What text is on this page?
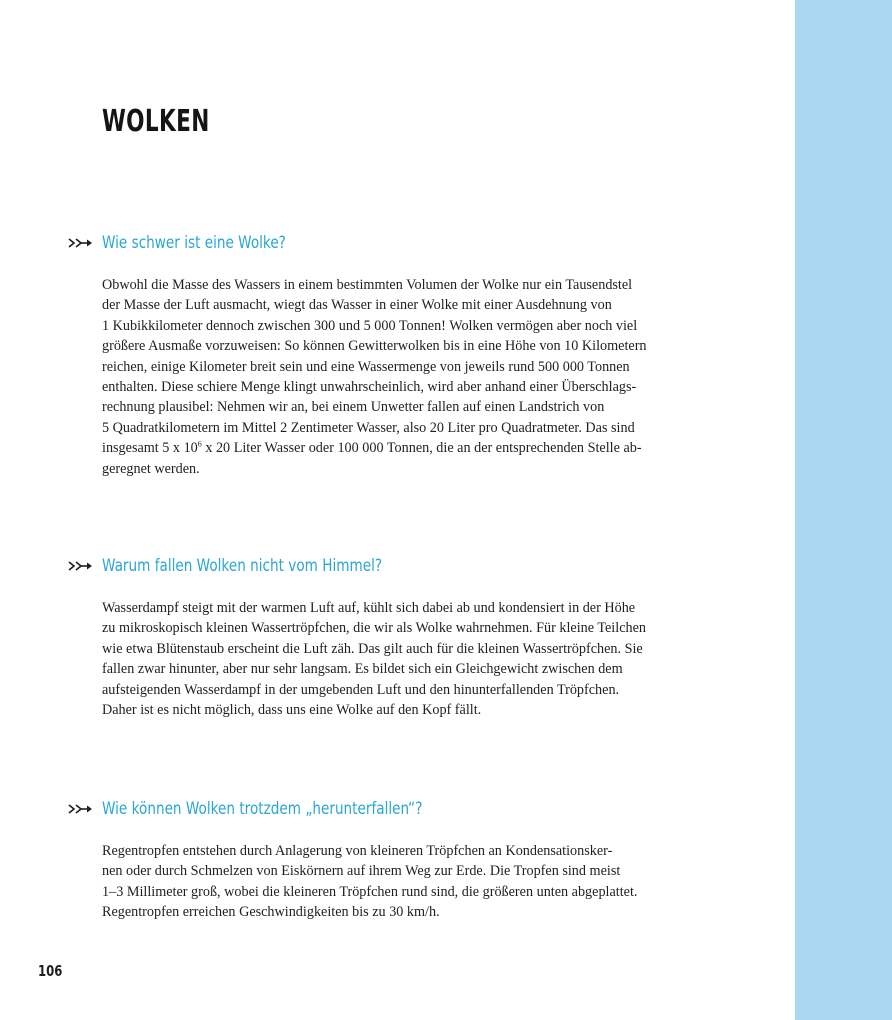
WOLKEN
Wie schwer ist eine Wolke?

Obwohl die Masse des Wassers in einem bestimmten Volumen der Wolke nur ein Tausendstel
der Masse der Luft ausmacht, wiegt das Wasser in einer Wolke mit einer Ausdehnung von
1 Kubikkilometer dennoch zwischen 300 und 5 000 Tonnen! Wolken vermögen aber noch viel
größere Ausmaße vorzuweisen: So können Gewitterwolken bis in eine Höhe von 10 Kilometern
reichen, einige Kilometer breit sein und eine Wassermenge von jeweils rund 500 000 Tonnen
enthalten. Diese schiere Menge klingt unwahrscheinlich, wird aber anhand einer Überschlags-
rechnung plausibel: Nehmen wir an, bei einem Unwetter fallen auf einen Landstrich von
5 Quadratkilometern im Mittel 2 Zentimeter Wasser, also 20 Liter pro Quadratmeter. Das sind
insgesamt 5 x $10^6$ x 20 Liter Wasser oder 100 000 Tonnen, die an der entsprechenden Stelle ab-
geregnet werden.

Warum fallen Wolken nicht vom Himmel?

Wasserdampf steigt mit der warmen Luft auf, kühlt sich dabei ab und kondensiert in der Höhe
zu mikroskopisch kleinen Wassertröpfchen, die wir als Wolke wahrnehmen. Für kleine Teilchen
wie etwa Blütenstaub erscheint die Luft zäh. Das gilt auch für die kleinen Wassertröpfchen. Sie
fallen zwar hinunter, aber nur sehr langsam. Es bildet sich ein Gleichgewicht zwischen dem
aufsteigenden Wasserdampf in der umgebenden Luft und den hinunterfallenden Tröpfchen.
Daher ist es nicht möglich, dass uns eine Wolke auf den Kopf fällt.

Wie können Wolken trotzdem „herunterfallen“?

Regentropfen entstehen durch Anlagerung von kleineren Tröpfchen an Kondensationsker-
nen oder durch Schmelzen von Eiskörnern auf ihrem Weg zur Erde. Die Tropfen sind meist
1–3 Millimeter groß, wobei die kleineren Tröpfchen rund sind, die größeren unten abgeplattet.
Regentropfen erreichen Geschwindigkeiten bis zu 30 km/h.

106
